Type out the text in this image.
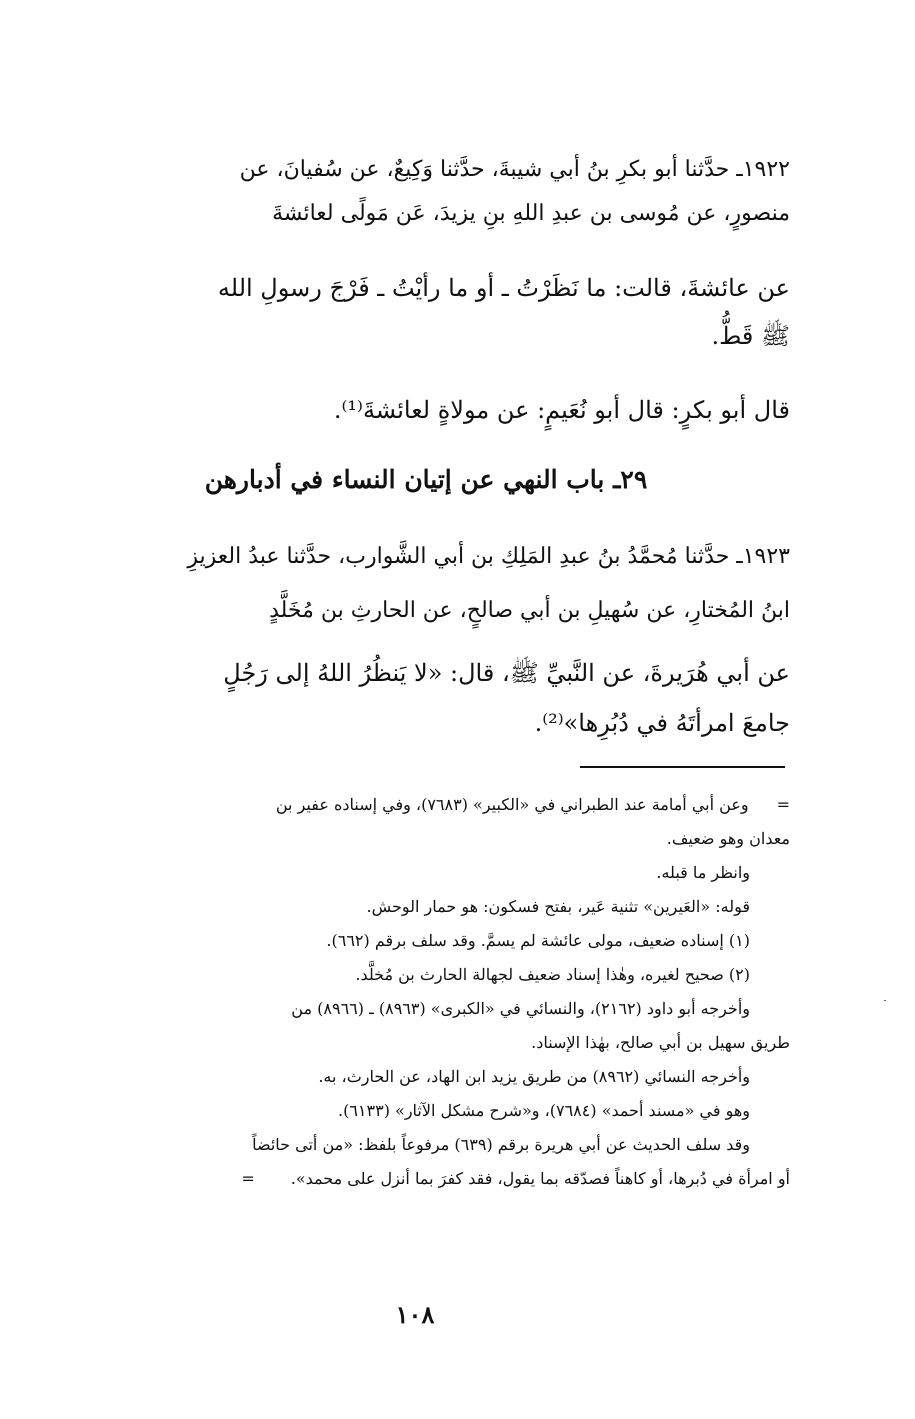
١٩٢٢ـ حدَّثنا أبو بكرِ بنُ أبي شيبةَ، حدَّثنا وَكِيعٌ، عن سُفيانَ، عن
منصورٍ، عن مُوسى بن عبدِ اللهِ بنِ يزيدَ، عَن مَولًى لعائشةَ
عن عائشةَ، قالت: ما نَظَرْتُ ـ أو ما رأيْتُ ـ فَرْجَ رسولِ الله
ﷺ قَطُّ.
قال أبو بكرٍ: قال أبو نُعَيمٍ: عن مولاةٍ لعائشةَ⁽¹⁾.
٢٩ـ باب النهي عن إتيان النساء في أدبارهن
١٩٢٣ـ حدَّثنا مُحمَّدُ بنُ عبدِ المَلِكِ بن أبي الشَّوارب، حدَّثنا عبدُ العزيزِ
ابنُ المُختارِ، عن سُهيلِ بن أبي صالحٍ، عن الحارثِ بن مُخَلَّدٍ
عن أبي هُرَيرةَ، عن النَّبيِّ ﷺ، قال: «لا يَنظُرُ اللهُ إلى رَجُلٍ
جامعَ امرأتَهُ في دُبُرِها»⁽²⁾.
=وعن أبي أمامة عند الطبراني في «الكبير» (٧٦٨٣)، وفي إسناده عفير بن
معدان وهو ضعيف.
وانظر ما قبله.
قوله: «العَيرين» تثنية عَير، بفتح فسكون: هو حمار الوحش.
(١) إسناده ضعيف، مولى عائشة لم يسمَّ. وقد سلف برقم (٦٦٢).
(٢) صحيح لغيره، وهٰذا إسناد ضعيف لجهالة الحارث بن مُخلَّد.
وأخرجه أبو داود (٢١٦٢)، والنسائي في «الكبرى» (٨٩٦٣) ـ (٨٩٦٦) من
طريق سهيل بن أبي صالح، بهٰذا الإسناد.
وأخرجه النسائي (٨٩٦٢) من طريق يزيد ابن الهاد، عن الحارث، به.
وهو في «مسند أحمد» (٧٦٨٤)، و«شرح مشكل الآثار» (٦١٣٣).
وقد سلف الحديث عن أبي هريرة برقم (٦٣٩) مرفوعاً بلفظ: «من أتى حائضاً
أو امرأة في دُبرها، أو كاهناً فصدّقه بما يقول، فقد كفرَ بما أنزل على محمد».=
١٠٨
